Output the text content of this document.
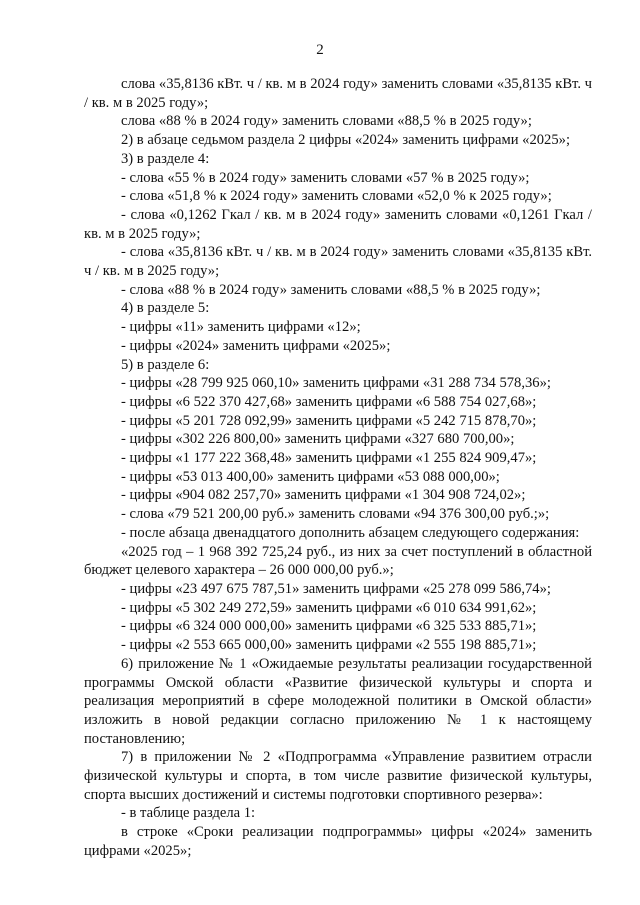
2

слова «35,8136 кВт. ч / кв. м в 2024 году» заменить словами «35,8135 кВт. ч / кв. м в 2025 году»;

слова «88 % в 2024 году» заменить словами «88,5 % в 2025 году»;

2) в абзаце седьмом раздела 2 цифры «2024» заменить цифрами «2025»;

3) в разделе 4:

- слова «55 % в 2024 году» заменить словами «57 % в 2025 году»;

- слова «51,8 % к 2024 году» заменить словами «52,0 % к 2025 году»;

- слова «0,1262 Гкал / кв. м в 2024 году» заменить словами «0,1261 Гкал / кв. м в 2025 году»;

- слова «35,8136 кВт. ч / кв. м в 2024 году» заменить словами «35,8135 кВт. ч / кв. м в 2025 году»;

- слова «88 % в 2024 году» заменить словами «88,5 % в 2025 году»;

4) в разделе 5:

- цифры «11» заменить цифрами «12»;

- цифры «2024» заменить цифрами «2025»;

5) в разделе 6:

- цифры «28 799 925 060,10» заменить цифрами «31 288 734 578,36»;

- цифры «6 522 370 427,68» заменить цифрами «6 588 754 027,68»;

- цифры «5 201 728 092,99» заменить цифрами «5 242 715 878,70»;

- цифры «302 226 800,00» заменить цифрами «327 680 700,00»;

- цифры «1 177 222 368,48» заменить цифрами «1 255 824 909,47»;

- цифры «53 013 400,00» заменить цифрами «53 088 000,00»;

- цифры «904 082 257,70» заменить цифрами «1 304 908 724,02»;

- слова «79 521 200,00 руб.» заменить словами «94 376 300,00 руб.;»;

- после абзаца двенадцатого дополнить абзацем следующего содержания:

«2025 год – 1 968 392 725,24 руб., из них за счет поступлений в областной бюджет целевого характера – 26 000 000,00 руб.»;

- цифры «23 497 675 787,51» заменить цифрами «25 278 099 586,74»;

- цифры «5 302 249 272,59» заменить цифрами «6 010 634 991,62»;

- цифры «6 324 000 000,00» заменить цифрами «6 325 533 885,71»;

- цифры «2 553 665 000,00» заменить цифрами «2 555 198 885,71»;

6) приложение № 1 «Ожидаемые результаты реализации государственной программы Омской области «Развитие физической культуры и спорта и реализация мероприятий в сфере молодежной политики в Омской области» изложить в новой редакции согласно приложению № 1 к настоящему постановлению;

7) в приложении № 2 «Подпрограмма «Управление развитием отрасли физической культуры и спорта, в том числе развитие физической культуры, спорта высших достижений и системы подготовки спортивного резерва»:

- в таблице раздела 1:

в строке «Сроки реализации подпрограммы» цифры «2024» заменить цифрами «2025»;
